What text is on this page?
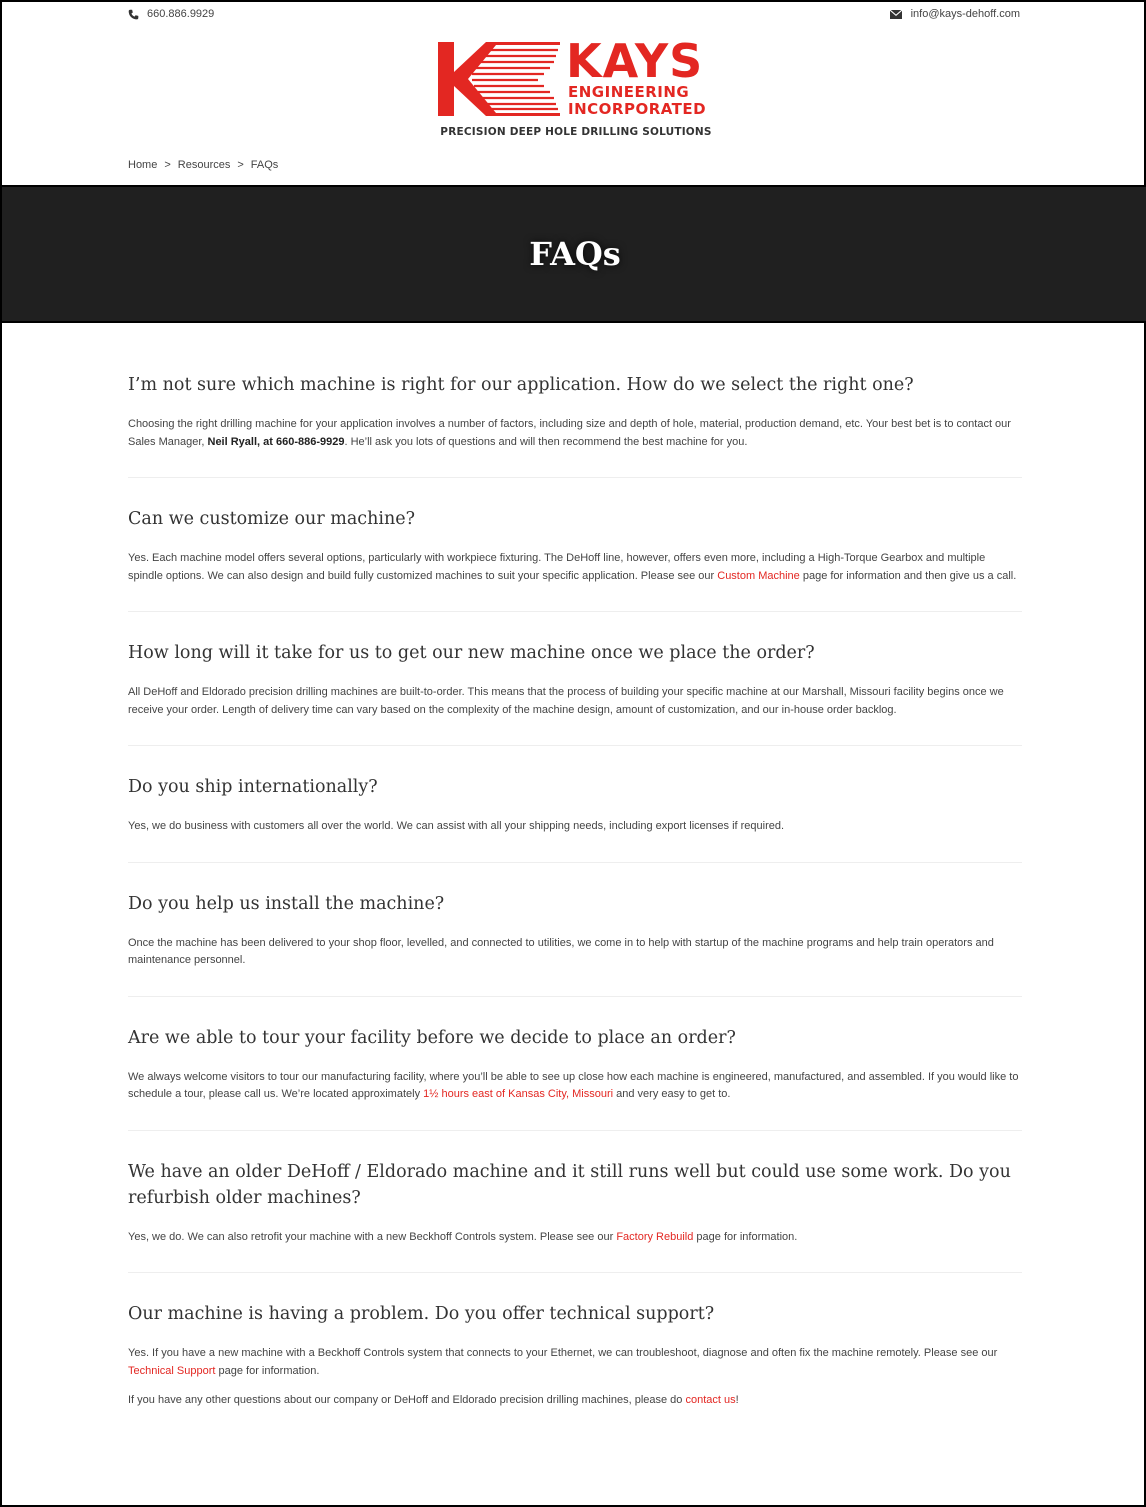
660.886.9929	info@kays-dehoff.com
KAYS
ENGINEERING
INCORPORATED
PRECISION DEEP HOLE DRILLING SOLUTIONS
Home > Resources > FAQs
FAQs
I’m not sure which machine is right for our application. How do we select the right one?

Choosing the right drilling machine for your application involves a number of factors, including size and depth of hole, material, production demand, etc. Your best bet is to contact our Sales Manager, Neil Ryall, at 660-886-9929. He’ll ask you lots of questions and will then recommend the best machine for you.

Can we customize our machine?

Yes. Each machine model offers several options, particularly with workpiece fixturing. The DeHoff line, however, offers even more, including a High-Torque Gearbox and multiple spindle options. We can also design and build fully customized machines to suit your specific application. Please see our Custom Machine page for information and then give us a call.

How long will it take for us to get our new machine once we place the order?

All DeHoff and Eldorado precision drilling machines are built-to-order. This means that the process of building your specific machine at our Marshall, Missouri facility begins once we receive your order. Length of delivery time can vary based on the complexity of the machine design, amount of customization, and our in-house order backlog.

Do you ship internationally?

Yes, we do business with customers all over the world. We can assist with all your shipping needs, including export licenses if required.

Do you help us install the machine?

Once the machine has been delivered to your shop floor, levelled, and connected to utilities, we come in to help with startup of the machine programs and help train operators and maintenance personnel.

Are we able to tour your facility before we decide to place an order?

We always welcome visitors to tour our manufacturing facility, where you’ll be able to see up close how each machine is engineered, manufactured, and assembled. If you would like to schedule a tour, please call us. We’re located approximately 1½ hours east of Kansas City, Missouri and very easy to get to.

We have an older DeHoff / Eldorado machine and it still runs well but could use some work. Do you refurbish older machines?

Yes, we do. We can also retrofit your machine with a new Beckhoff Controls system. Please see our Factory Rebuild page for information.

Our machine is having a problem. Do you offer technical support?

Yes. If you have a new machine with a Beckhoff Controls system that connects to your Ethernet, we can troubleshoot, diagnose and often fix the machine remotely. Please see our Technical Support page for information.

If you have any other questions about our company or DeHoff and Eldorado precision drilling machines, please do contact us!
